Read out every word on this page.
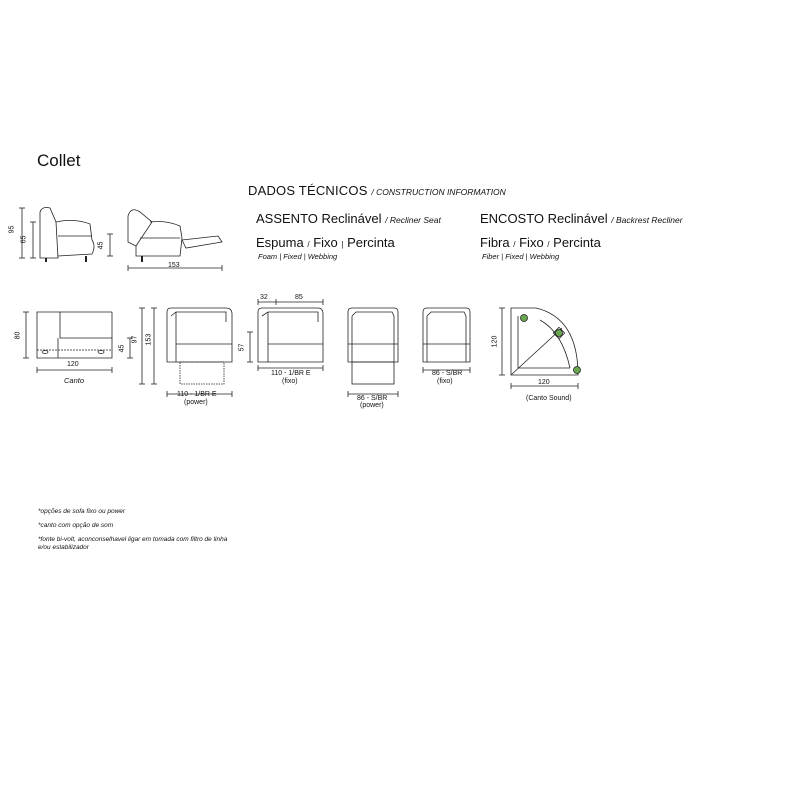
Collet
DADOS TÉCNICOS / CONSTRUCTION INFORMATION
ASSENTO Reclinável / Recliner Seat
Espuma / Fixo | Percinta
Foam | Fixed | Webbing
ENCOSTO Reclinável / Backrest Recliner
Fibra / Fixo / Percinta
Fiber | Fixed | Webbing
95
65
45
153
80
45
120
Canto
97 153
110 - 1/BR E
(power)
32	85
57
110 - 1/BR E
(fixo)
86 - S/BR
(power)
86 - S/BR
(fixo)
120
120
(Canto Sound)
*opções de sofa fixo ou power
*canto com opção de som
*fonte bi-volt, aconconselhavel ligar em tomada com filtro de linha
e/ou estabilizador
